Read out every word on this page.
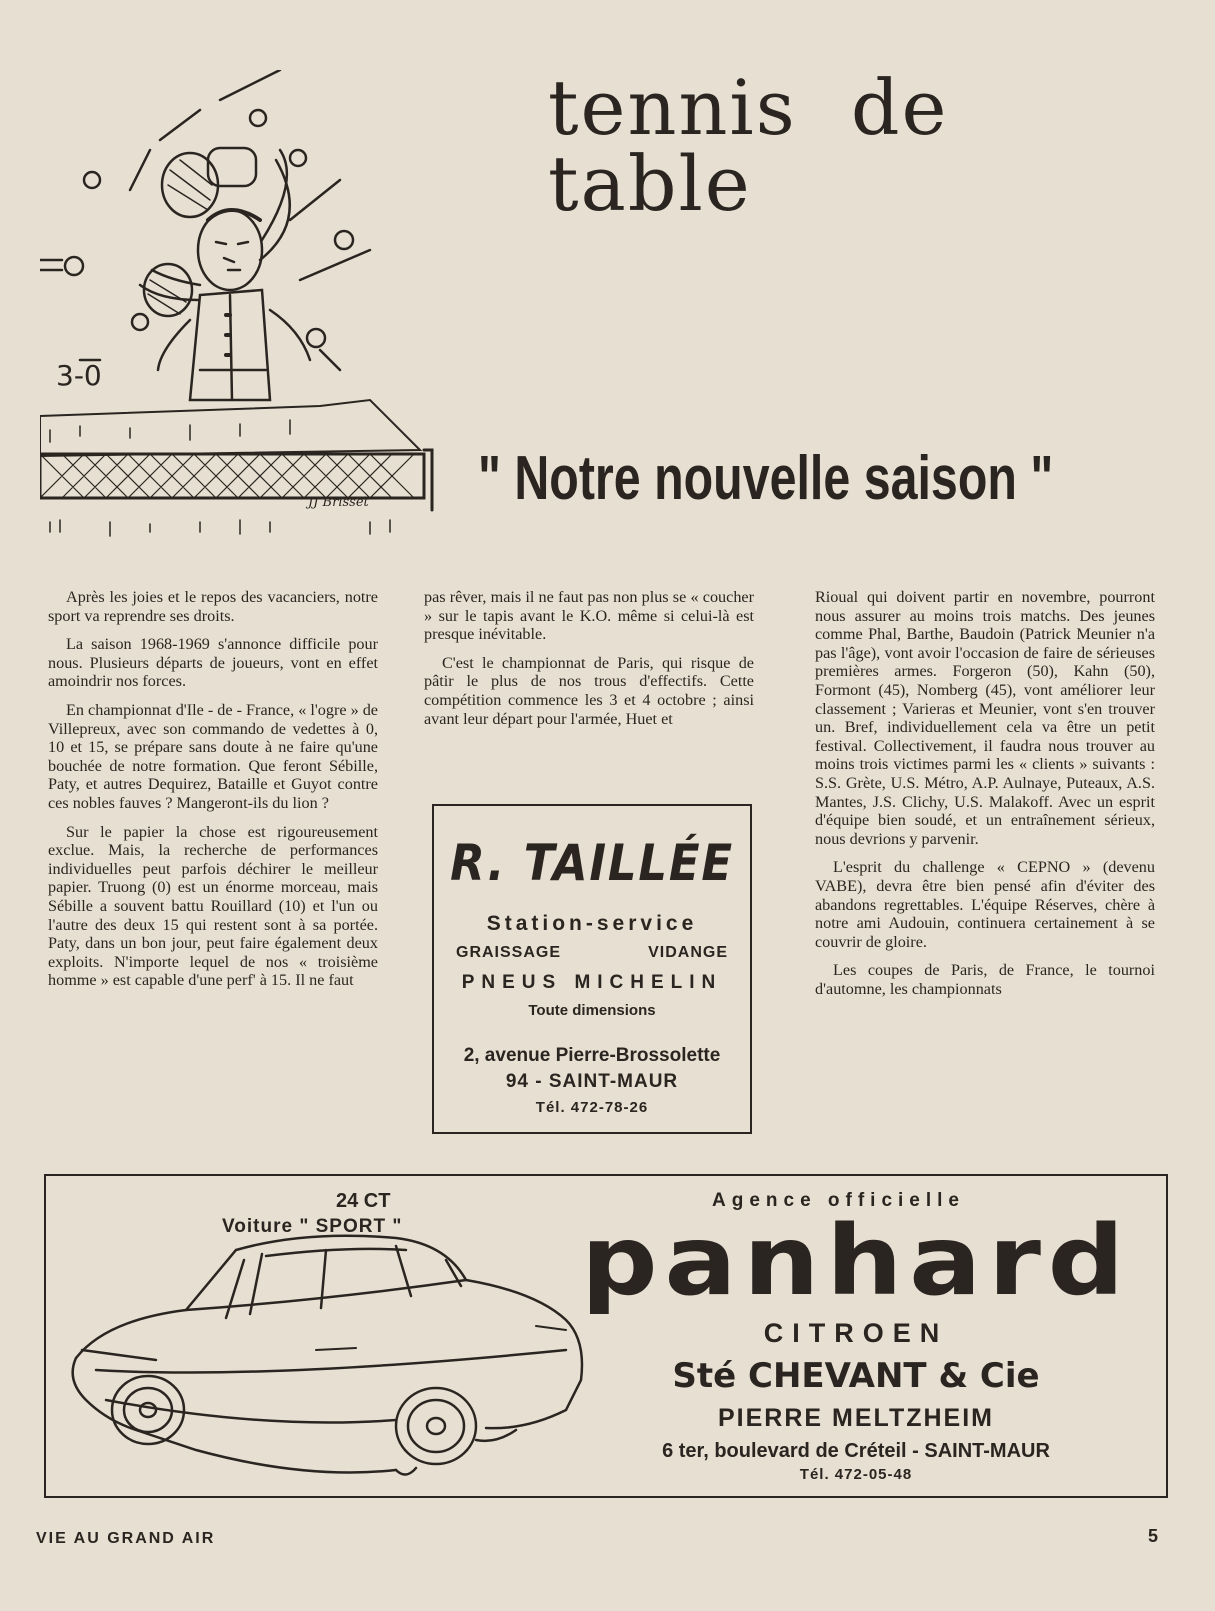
3-0
JJ Brisset
tennis de table
" Notre nouvelle saison "

Après les joies et le repos des vacanciers, notre sport va reprendre ses droits.

La saison 1968-1969 s'annonce difficile pour nous. Plusieurs départs de joueurs, vont en effet amoindrir nos forces.

En championnat d'Ile - de - France, « l'ogre » de Villepreux, avec son commando de vedettes à 0, 10 et 15, se prépare sans doute à ne faire qu'une bouchée de notre formation. Que feront Sébille, Paty, et autres Dequirez, Bataille et Guyot contre ces nobles fauves ? Mangeront-ils du lion ?

Sur le papier la chose est rigoureusement exclue. Mais, la recherche de performances individuelles peut parfois déchirer le meilleur papier. Truong (0) est un énorme morceau, mais Sébille a souvent battu Rouillard (10) et l'un ou l'autre des deux 15 qui restent sont à sa portée. Paty, dans un bon jour, peut faire également deux exploits. N'importe lequel de nos « troisième homme » est capable d'une perf' à 15. Il ne faut

pas rêver, mais il ne faut pas non plus se « coucher » sur le tapis avant le K.O. même si celui-là est presque inévitable.

C'est le championnat de Paris, qui risque de pâtir le plus de nos trous d'effectifs. Cette compétition commence les 3 et 4 octobre ; ainsi avant leur départ pour l'armée, Huet et

Rioual qui doivent partir en novembre, pourront nous assurer au moins trois matchs. Des jeunes comme Phal, Barthe, Baudoin (Patrick Meunier n'a pas l'âge), vont avoir l'occasion de faire de sérieuses premières armes. Forgeron (50), Kahn (50), Formont (45), Nomberg (45), vont améliorer leur classement ; Varieras et Meunier, vont s'en trouver un. Bref, individuellement cela va être un petit festival. Collectivement, il faudra nous trouver au moins trois victimes parmi les « clients » suivants : S.S. Grète, U.S. Métro, A.P. Aulnaye, Puteaux, A.S. Mantes, J.S. Clichy, U.S. Malakoff. Avec un esprit d'équipe bien soudé, et un entraînement sérieux, nous devrions y parvenir.

L'esprit du challenge « CEPNO » (devenu VABE), devra être bien pensé afin d'éviter des abandons regrettables. L'équipe Réserves, chère à notre ami Audouin, continuera certainement à se couvrir de gloire.

Les coupes de Paris, de France, le tournoi d'automne, les championnats

R. TAILLÉE
Station-service
GRAISSAGE	VIDANGE
PNEUS MICHELIN
Toute dimensions
2, avenue Pierre-Brossolette
94 - SAINT-MAUR
Tél. 472-78-26
24 CT
Voiture " SPORT "
Agence officielle
panhard
CITROEN
Sté CHEVANT & Cie
PIERRE MELTZHEIM
6 ter, boulevard de Créteil - SAINT-MAUR
Tél. 472-05-48
VIE AU GRAND AIR	5
